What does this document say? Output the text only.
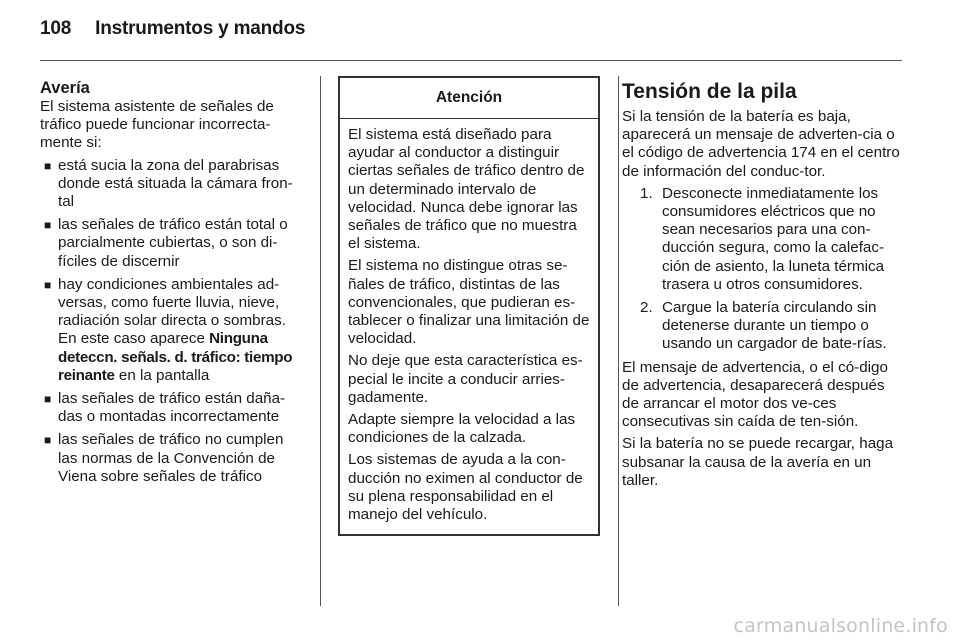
108 Instrumentos y mandos
Avería

El sistema asistente de señales de tráfico puede funcionar incorrecta-mente si:

■ está sucia la zona del parabrisas donde está situada la cámara fron-tal
■ las señales de tráfico están total o parcialmente cubiertas, o son di-fíciles de discernir
■ hay condiciones ambientales ad-versas, como fuerte lluvia, nieve, radiación solar directa o sombras. En este caso aparece Ninguna deteccn. señals. d. tráfico: tiempo reinante en la pantalla
■ las señales de tráfico están daña-das o montadas incorrectamente
■ las señales de tráfico no cumplen las normas de la Convención de Viena sobre señales de tráfico
Atención

El sistema está diseñado para ayudar al conductor a distinguir ciertas señales de tráfico dentro de un determinado intervalo de velocidad. Nunca debe ignorar las señales de tráfico que no muestra el sistema.

El sistema no distingue otras se-ñales de tráfico, distintas de las convencionales, que pudieran es-tablecer o finalizar una limitación de velocidad.

No deje que esta característica es-pecial le incite a conducir arries-gadamente.

Adapte siempre la velocidad a las condiciones de la calzada.

Los sistemas de ayuda a la con-ducción no eximen al conductor de su plena responsabilidad en el manejo del vehículo.

Tensión de la pila

Si la tensión de la batería es baja, aparecerá un mensaje de adverten-cia o el código de advertencia 174 en el centro de información del conduc-tor.

1. Desconecte inmediatamente los consumidores eléctricos que no sean necesarios para una con-ducción segura, como la calefac-ción de asiento, la luneta térmica trasera u otros consumidores.
2. Cargue la batería circulando sin detenerse durante un tiempo o usando un cargador de bate-rías.

El mensaje de advertencia, o el có-digo de advertencia, desaparecerá después de arrancar el motor dos ve-ces consecutivas sin caída de ten-sión.

Si la batería no se puede recargar, haga subsanar la causa de la avería en un taller.

carmanualsonline.info
